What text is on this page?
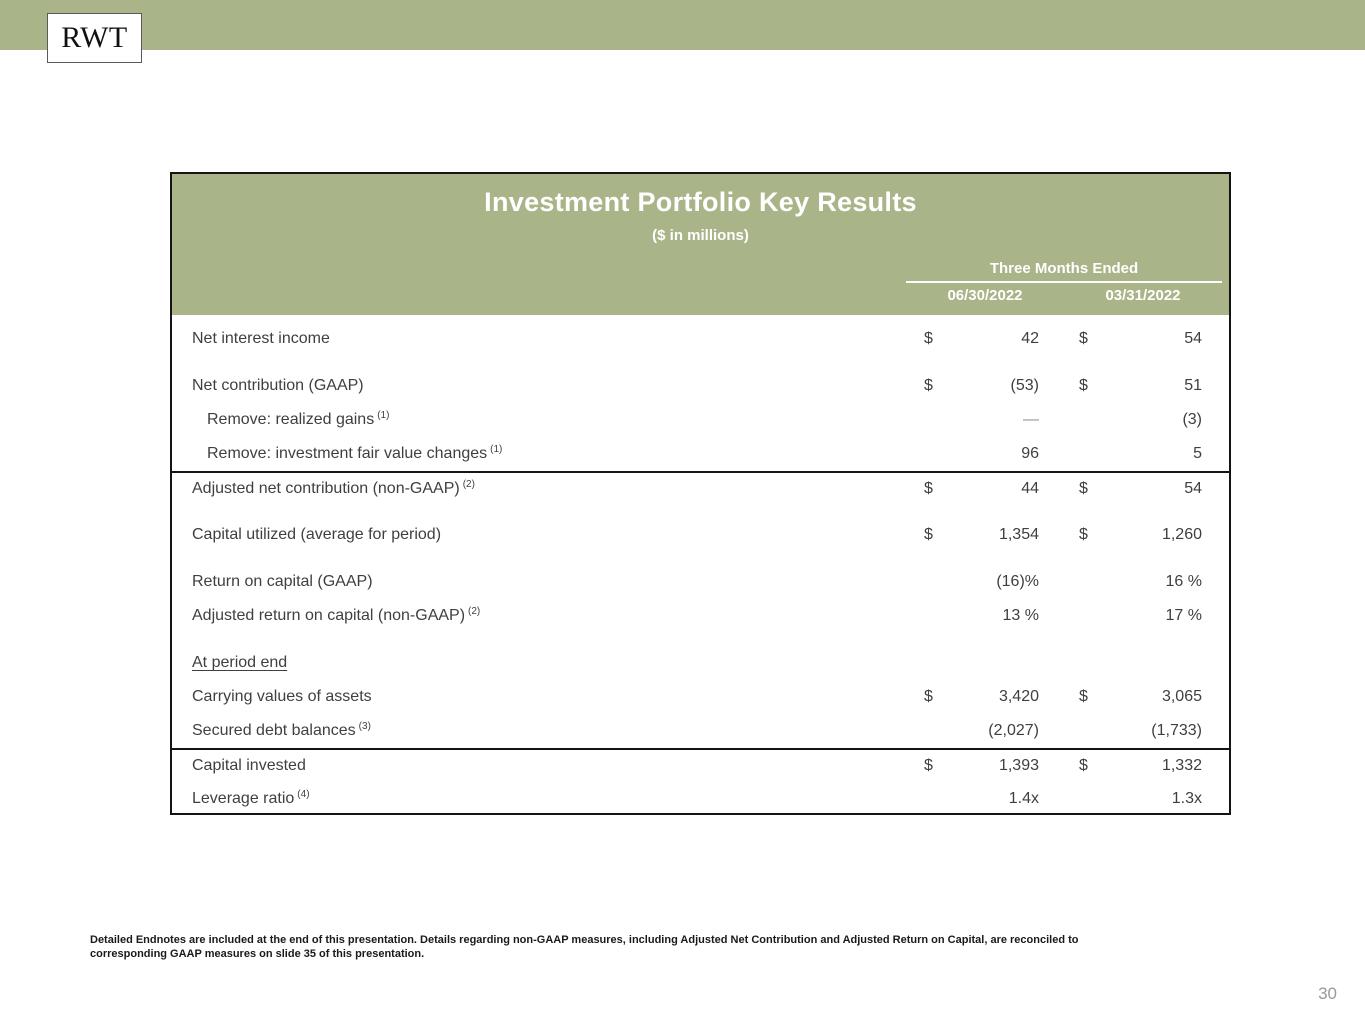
RWT
Investment Portfolio Key Results
($ in millions)
Three Months Ended
06/30/2022	03/31/2022
Net interest income	$	42	$	54
Net contribution (GAAP)	$	(53)	$	51
Remove: realized gains $^{(1)}$	—	(3)
Remove: investment fair value changes $^{(1)}$	96	5
Adjusted net contribution (non-GAAP) $^{(2)}$	$	44	$	54
Capital utilized (average for period)	$	1,354	$	1,260
Return on capital (GAAP)	(16)%	16 %
Adjusted return on capital (non-GAAP) $^{(2)}$	13 %	17 %
At period end
Carrying values of assets	$	3,420	$	3,065
Secured debt balances $^{(3)}$	(2,027)	(1,733)
Capital invested	$	1,393	$	1,332
Leverage ratio $^{(4)}$	1.4x	1.3x
Detailed Endnotes are included at the end of this presentation. Details regarding non-GAAP measures, including Adjusted Net Contribution and Adjusted Return on Capital, are reconciled to corresponding GAAP measures on slide 35 of this presentation.
30
